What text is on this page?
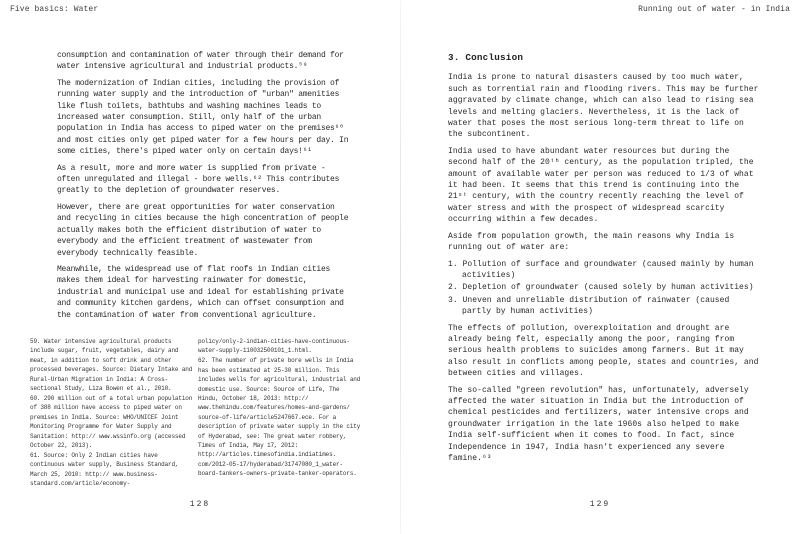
Five basics: Water	Running out of water - in India

consumption and contamination of water through their demand for water intensive agricultural and industrial products.⁵⁹

The modernization of Indian cities, including the provision of running water supply and the introduction of "urban" amenities like flush toilets, bathtubs and washing machines leads to increased water consumption. Still, only half of the urban population in India has access to piped water on the premises⁶⁰ and most cities only get piped water for a few hours per day. In some cities, there's piped water only on certain days!⁶¹

As a result, more and more water is supplied from private - often unregulated and illegal - bore wells.⁶² This contributes greatly to the depletion of groundwater reserves.

However, there are great opportunities for water conservation and recycling in cities because the high concentration of people actually makes both the efficient distribution of water to everybody and the efficient treatment of wastewater from everybody technically feasible.

Meanwhile, the widespread use of flat roofs in Indian cities makes them ideal for harvesting rainwater for domestic, industrial and municipal use and ideal for establishing private and community kitchen gardens, which can offset consumption and the contamination of water from conventional agriculture.

59. Water intensive agricultural products include sugar, fruit, vegetables, dairy and meat, in addition to soft drink and other processed beverages. Source: Dietary Intake and Rural-Urban Migration in India: A Cross-sectional Study, Liza Bowen et al., 2010.

60. 290 million out of a total urban population of 388 million have access to piped water on premises in India. Source: WHO/UNICEF Joint Monitoring Programme for Water Supply and Sanitation: http:// www.wssinfo.org (accessed October 22, 2013).

61. Source: Only 2 Indian cities have continuous water supply, Business Standard, March 25, 2010: http:// www.business-standard.com/article/economy-

policy/only-2-indian-cities-have-continuous-water-supply-110032500101_1.html.

62. The number of private bore wells in India has been estimated at 25-30 million. This includes wells for agricultural, industrial and domestic use. Source: Source of Life, The Hindu, October 18, 2013: http:// www.thehindu.com/features/homes-and-gardens/ source-of-life/article5247667.ece. For a description of private water supply in the city of Hyderabad, see: The great water robbery, Times of India, May 17, 2012: http://articles.timesofindia.indiatimes. com/2012-05-17/hyderabad/31747080_1_water-board-tankers-owners-private-tanker-operators.

3. Conclusion

India is prone to natural disasters caused by too much water, such as torrential rain and flooding rivers. This may be further aggravated by climate change, which can also lead to rising sea levels and melting glaciers. Nevertheless, it is the lack of water that poses the most serious long-term threat to life on the subcontinent.

India used to have abundant water resources but during the second half of the 20ᵗʰ century, as the population tripled, the amount of available water per person was reduced to 1/3 of what it had been. It seems that this trend is continuing into the 21ˢᵗ century, with the country recently reaching the level of water stress and with the prospect of widespread scarcity occurring within a few decades.

Aside from population growth, the main reasons why India is running out of water are:

1. Pollution of surface and groundwater (caused mainly by human activities)
2. Depletion of groundwater (caused solely by human activities)
3. Uneven and unreliable distribution of rainwater (caused partly by human activities)

The effects of pollution, overexploitation and drought are already being felt, especially among the poor, ranging from serious health problems to suicides among farmers. But it may also result in conflicts among people, states and countries, and between cities and villages.

The so-called "green revolution" has, unfortunately, adversely affected the water situation in India but the introduction of chemical pesticides and fertilizers, water intensive crops and groundwater irrigation in the late 1960s also helped to make India self-sufficient when it comes to food. In fact, since Independence in 1947, India hasn't experienced any severe famine.⁶³

128	129
